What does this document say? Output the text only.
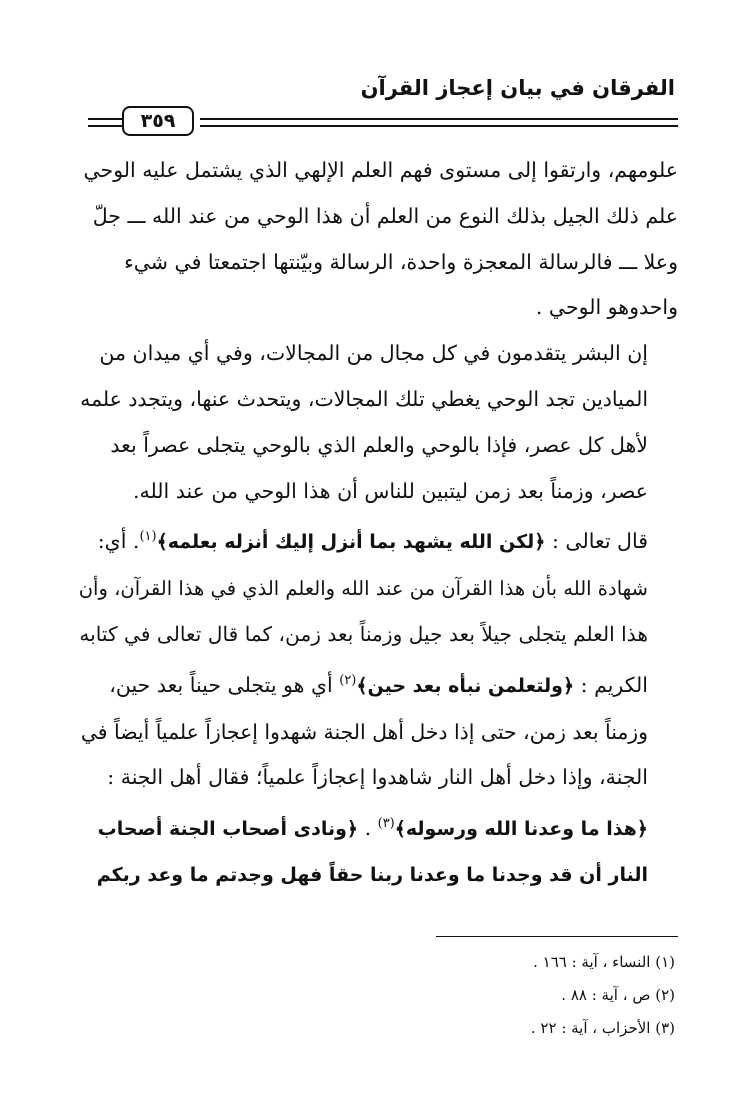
الفرقان في بيان إعجاز القرآن
٣٥٩

علومهم، وارتقوا إلى مستوى فهم العلم الإلهي الذي يشتمل عليه الوحي
علم ذلك الجيل بذلك النوع من العلم أن هذا الوحي من عند الله ـــ جلّ
وعلا ـــ فالرسالة المعجزة واحدة، الرسالة وبيّنتها اجتمعتا في شيء
واحدوهو الوحي .

إن البشر يتقدمون في كل مجال من المجالات، وفي أي ميدان من
الميادين تجد الوحي يغطي تلك المجالات، ويتحدث عنها، ويتجدد علمه
لأهل كل عصر، فإذا بالوحي والعلم الذي بالوحي يتجلى عصراً بعد
عصر، وزمناً بعد زمن ليتبين للناس أن هذا الوحي من عند الله.

قال تعالى : ﴿لكن الله يشهد بما أنزل إليك أنزله بعلمه﴾$^{(١)}$. أي:
شهادة الله بأن هذا القرآن من عند الله والعلم الذي في هذا القرآن، وأن
هذا العلم يتجلى جيلاً بعد جيل وزمناً بعد زمن، كما قال تعالى في كتابه
الكريم : ﴿ولتعلمن نبأه بعد حين﴾$^{(٢)}$ أي هو يتجلى حيناً بعد حين،
وزمناً بعد زمن، حتى إذا دخل أهل الجنة شهدوا إعجازاً علمياً أيضاً في
الجنة، وإذا دخل أهل النار شاهدوا إعجازاً علمياً؛ فقال أهل الجنة :
﴿هذا ما وعدنا الله ورسوله﴾$^{(٣)}$ . ﴿ونادى أصحاب الجنة أصحاب
النار أن قد وجدنا ما وعدنا ربنا حقاً فهل وجدتم ما وعد ربكم

(١) النساء ، آية : ١٦٦ .
(٢) ص ، آية : ٨٨ .
(٣) الأحزاب ، آية : ٢٢ .
